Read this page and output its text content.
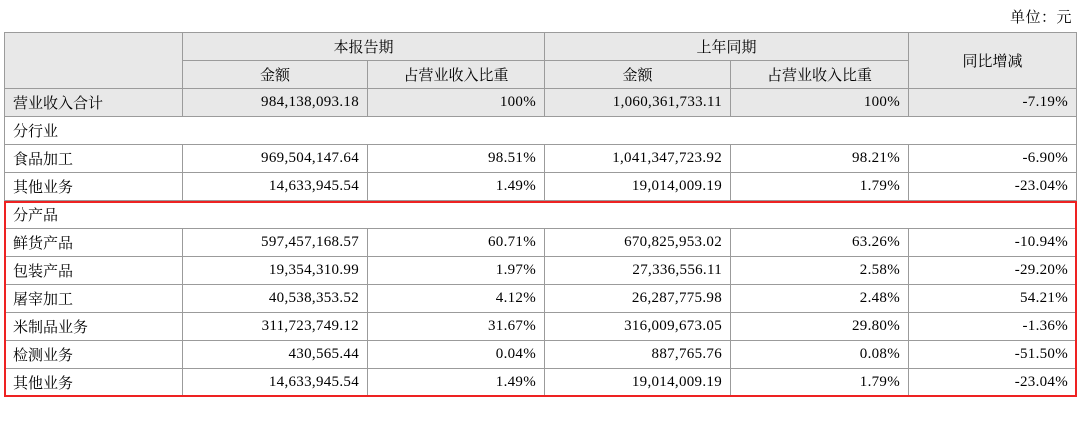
单位：元
	本报告期		上年同期		同比增减
	金额	占营业收入比重	金额	占营业收入比重	
营业收入合计	984,138,093.18	100%	1,060,361,733.11	100%	-7.19%
分行业					
食品加工	969,504,147.64	98.51%	1,041,347,723.92	98.21%	-6.90%
其他业务	14,633,945.54	1.49%	19,014,009.19	1.79%	-23.04%
分产品					
鲜货产品	597,457,168.57	60.71%	670,825,953.02	63.26%	-10.94%
包装产品	19,354,310.99	1.97%	27,336,556.11	2.58%	-29.20%
屠宰加工	40,538,353.52	4.12%	26,287,775.98	2.48%	54.21%
米制品业务	311,723,749.12	31.67%	316,009,673.05	29.80%	-1.36%
检测业务	430,565.44	0.04%	887,765.76	0.08%	-51.50%
其他业务	14,633,945.54	1.49%	19,014,009.19	1.79%	-23.04%
